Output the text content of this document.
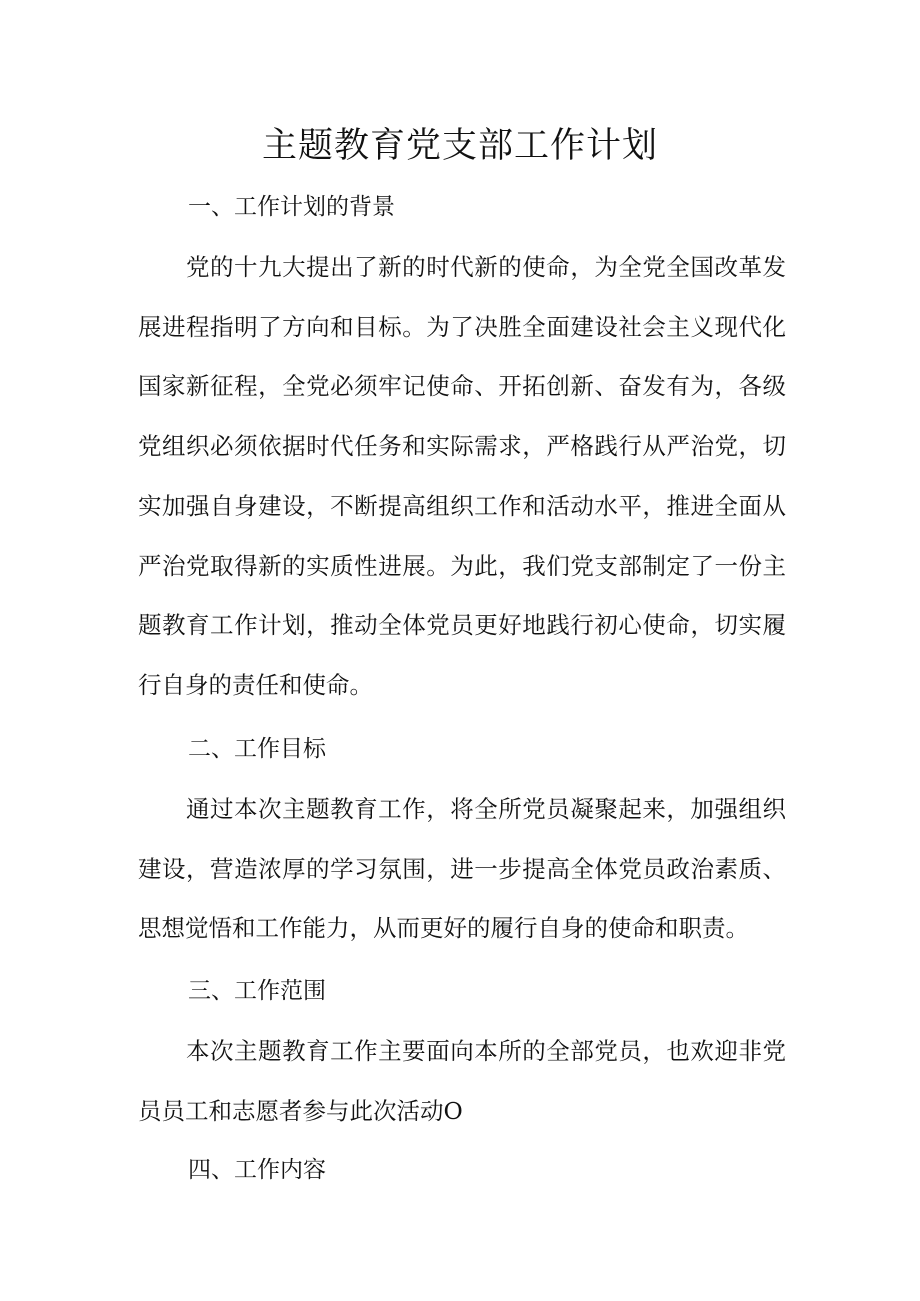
主题教育党支部工作计划
一、工作计划的背景

党的十九大提出了新的时代新的使命，为全党全国改革发展进程指明了方向和目标。为了决胜全面建设社会主义现代化国家新征程，全党必须牢记使命、开拓创新、奋发有为，各级党组织必须依据时代任务和实际需求，严格践行从严治党，切实加强自身建设，不断提高组织工作和活动水平，推进全面从严治党取得新的实质性进展。为此，我们党支部制定了一份主题教育工作计划，推动全体党员更好地践行初心使命，切实履行自身的责任和使命。

二、工作目标

通过本次主题教育工作，将全所党员凝聚起来，加强组织建设，营造浓厚的学习氛围，进一步提高全体党员政治素质、思想觉悟和工作能力，从而更好的履行自身的使命和职责。

三、工作范围

本次主题教育工作主要面向本所的全部党员，也欢迎非党员员工和志愿者参与此次活动O

四、工作内容
